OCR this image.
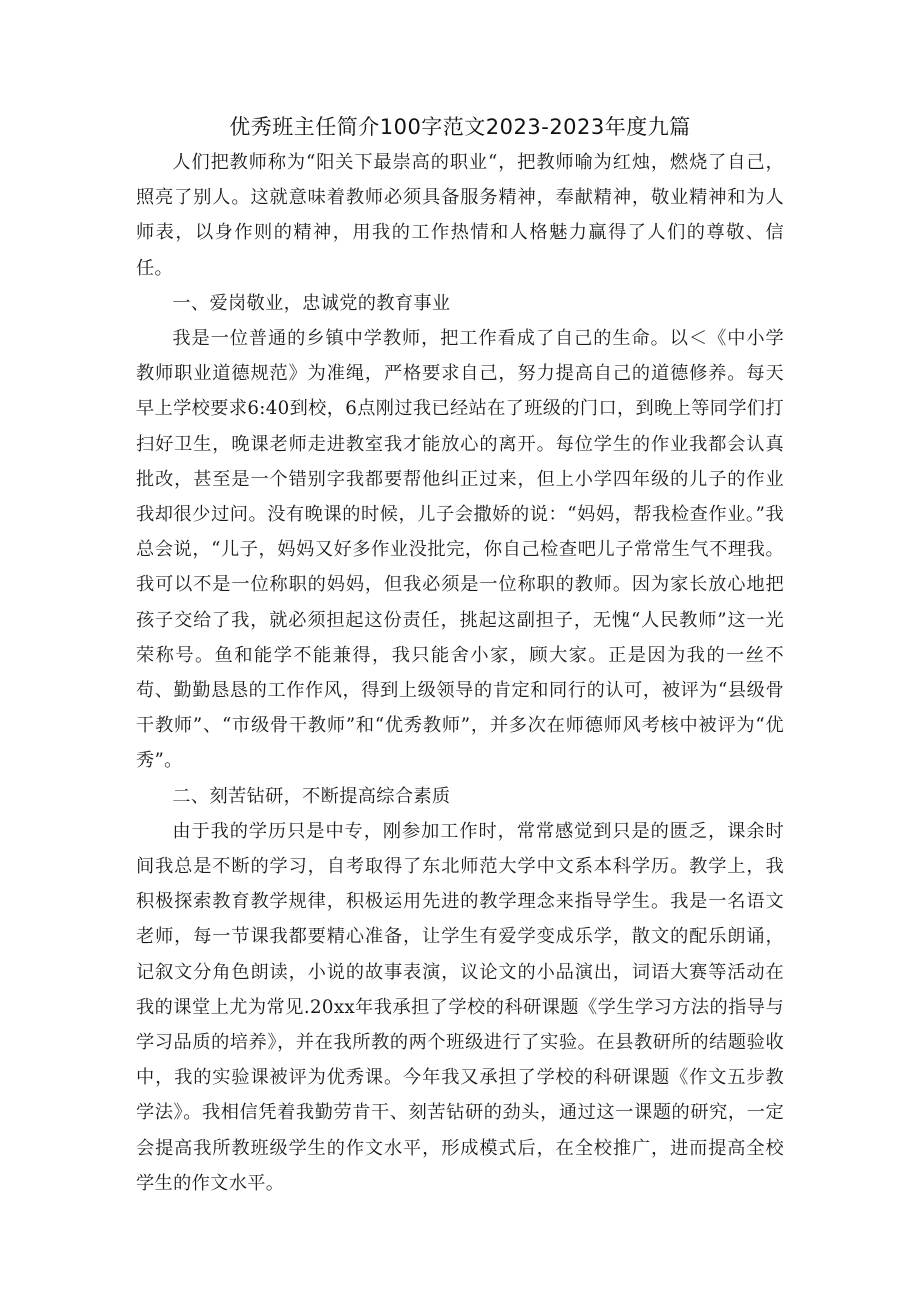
优秀班主任简介100字范文2023-2023年度九篇

人们把教师称为“阳关下最崇高的职业“，把教师喻为红烛，燃烧了自己，照亮了别人。这就意味着教师必须具备服务精神，奉献精神，敬业精神和为人师表，以身作则的精神，用我的工作热情和人格魅力赢得了人们的尊敬、信任。

一、爱岗敬业，忠诚党的教育事业

我是一位普通的乡镇中学教师，把工作看成了自己的生命。以＜《中小学教师职业道德规范》为准绳，严格要求自己，努力提高自己的道德修养。每天早上学校要求6:40到校，6点刚过我已经站在了班级的门口，到晚上等同学们打扫好卫生，晚课老师走进教室我才能放心的离开。每位学生的作业我都会认真批改，甚至是一个错别字我都要帮他纠正过来，但上小学四年级的儿子的作业我却很少过问。没有晚课的时候，儿子会撒娇的说：“妈妈，帮我检查作业。”我总会说，“儿子，妈妈又好多作业没批完，你自己检查吧儿子常常生气不理我。我可以不是一位称职的妈妈，但我必须是一位称职的教师。因为家长放心地把孩子交给了我，就必须担起这份责任，挑起这副担子，无愧“人民教师”这一光荣称号。鱼和能学不能兼得，我只能舍小家，顾大家。正是因为我的一丝不苟、勤勤恳恳的工作作风，得到上级领导的肯定和同行的认可，被评为“县级骨干教师”、“市级骨干教师”和“优秀教师”，并多次在师德师风考核中被评为“优秀”。

二、刻苦钻研，不断提高综合素质

由于我的学历只是中专，刚参加工作时，常常感觉到只是的匮乏，课余时间我总是不断的学习，自考取得了东北师范大学中文系本科学历。教学上，我积极探索教育教学规律，积极运用先进的教学理念来指导学生。我是一名语文老师，每一节课我都要精心准备，让学生有爱学变成乐学，散文的配乐朗诵，记叙文分角色朗读，小说的故事表演，议论文的小品演出，词语大赛等活动在我的课堂上尤为常见.20xx年我承担了学校的科研课题《学生学习方法的指导与学习品质的培养》，并在我所教的两个班级进行了实验。在县教研所的结题验收中，我的实验课被评为优秀课。今年我又承担了学校的科研课题《作文五步教学法》。我相信凭着我勤劳肯干、刻苦钻研的劲头，通过这一课题的研究，一定会提高我所教班级学生的作文水平，形成模式后，在全校推广，进而提高全校学生的作文水平。
